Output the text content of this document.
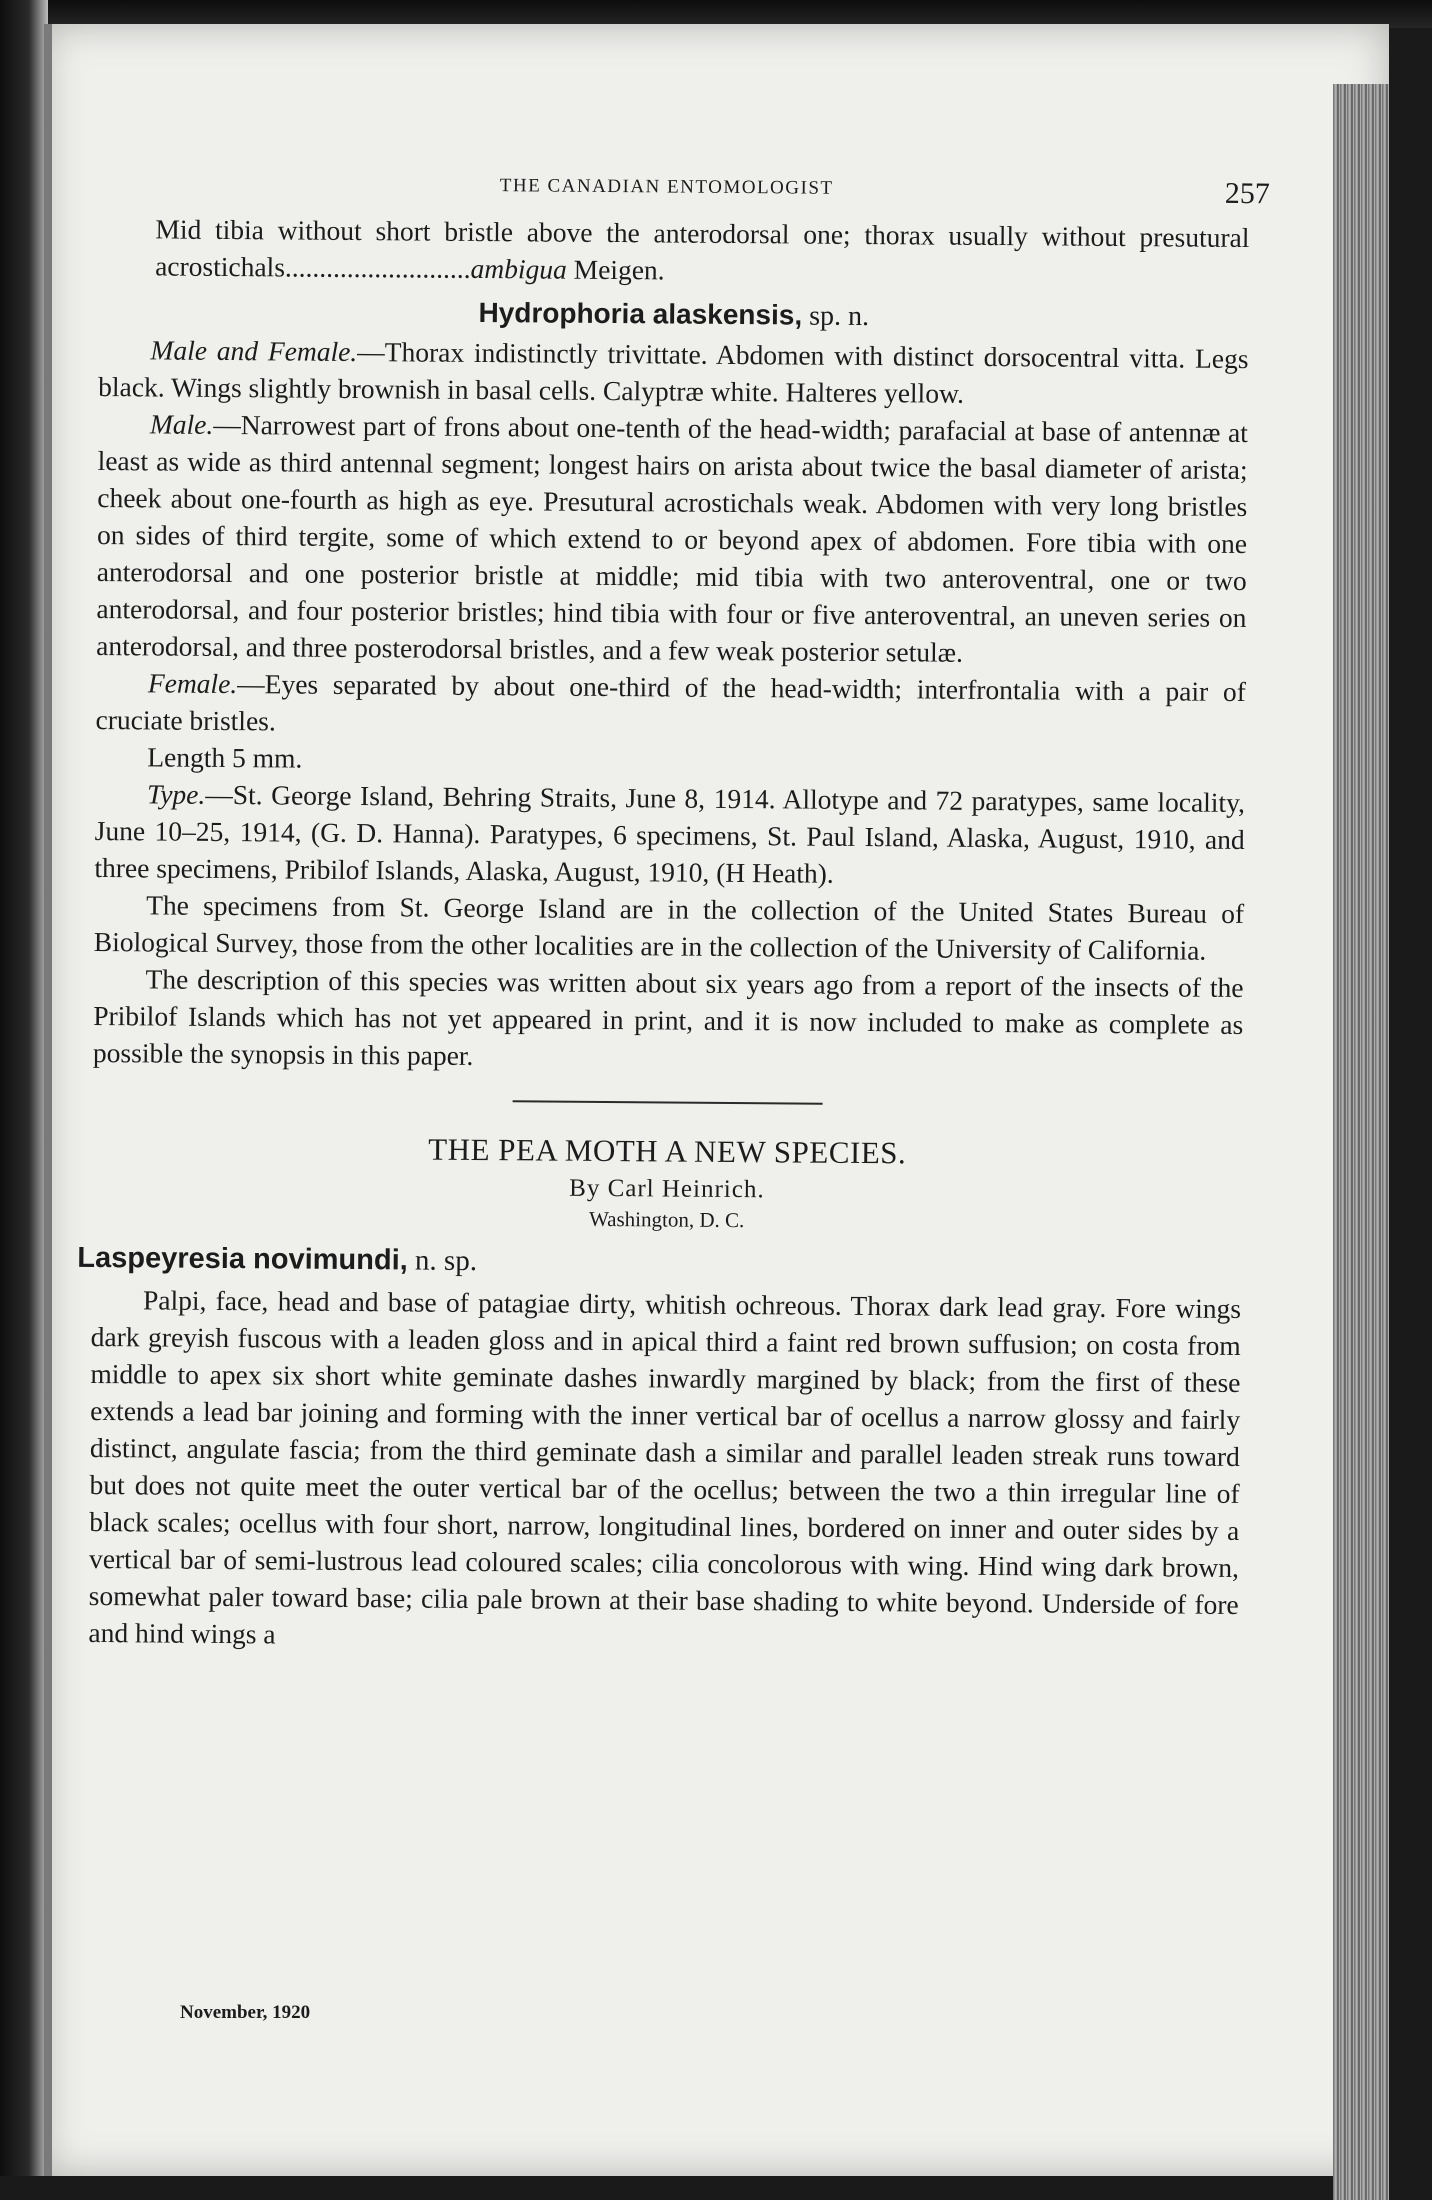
THE CANADIAN ENTOMOLOGIST	257

Mid tibia without short bristle above the anterodorsal one; thorax usually without presutural acrostichals...........................ambigua Meigen.

Hydrophoria alaskensis, sp. n.

Male and Female.—Thorax indistinctly trivittate. Abdomen with distinct dorsocentral vitta. Legs black. Wings slightly brownish in basal cells. Calyptræ white. Halteres yellow.

Male.—Narrowest part of frons about one-tenth of the head-width; parafacial at base of antennæ at least as wide as third antennal segment; longest hairs on arista about twice the basal diameter of arista; cheek about one-fourth as high as eye. Presutural acrostichals weak. Abdomen with very long bristles on sides of third tergite, some of which extend to or beyond apex of abdomen. Fore tibia with one anterodorsal and one posterior bristle at middle; mid tibia with two anteroventral, one or two anterodorsal, and four posterior bristles; hind tibia with four or five anteroventral, an uneven series on anterodorsal, and three posterodorsal bristles, and a few weak posterior setulæ.

Female.—Eyes separated by about one-third of the head-width; interfrontalia with a pair of cruciate bristles.

Length 5 mm.

Type.—St. George Island, Behring Straits, June 8, 1914. Allotype and 72 paratypes, same locality, June 10–25, 1914, (G. D. Hanna). Paratypes, 6 specimens, St. Paul Island, Alaska, August, 1910, and three specimens, Pribilof Islands, Alaska, August, 1910, (H Heath).

The specimens from St. George Island are in the collection of the United States Bureau of Biological Survey, those from the other localities are in the collection of the University of California.

The description of this species was written about six years ago from a report of the insects of the Pribilof Islands which has not yet appeared in print, and it is now included to make as complete as possible the synopsis in this paper.

THE PEA MOTH A NEW SPECIES.
By Carl Heinrich.
Washington, D. C.
Laspeyresia novimundi, n. sp.

Palpi, face, head and base of patagiae dirty, whitish ochreous. Thorax dark lead gray. Fore wings dark greyish fuscous with a leaden gloss and in apical third a faint red brown suffusion; on costa from middle to apex six short white geminate dashes inwardly margined by black; from the first of these extends a lead bar joining and forming with the inner vertical bar of ocellus a narrow glossy and fairly distinct, angulate fascia; from the third geminate dash a similar and parallel leaden streak runs toward but does not quite meet the outer vertical bar of the ocellus; between the two a thin irregular line of black scales; ocellus with four short, narrow, longitudinal lines, bordered on inner and outer sides by a vertical bar of semi-lustrous lead coloured scales; cilia concolorous with wing. Hind wing dark brown, somewhat paler toward base; cilia pale brown at their base shading to white beyond. Underside of fore and hind wings a

November, 1920
